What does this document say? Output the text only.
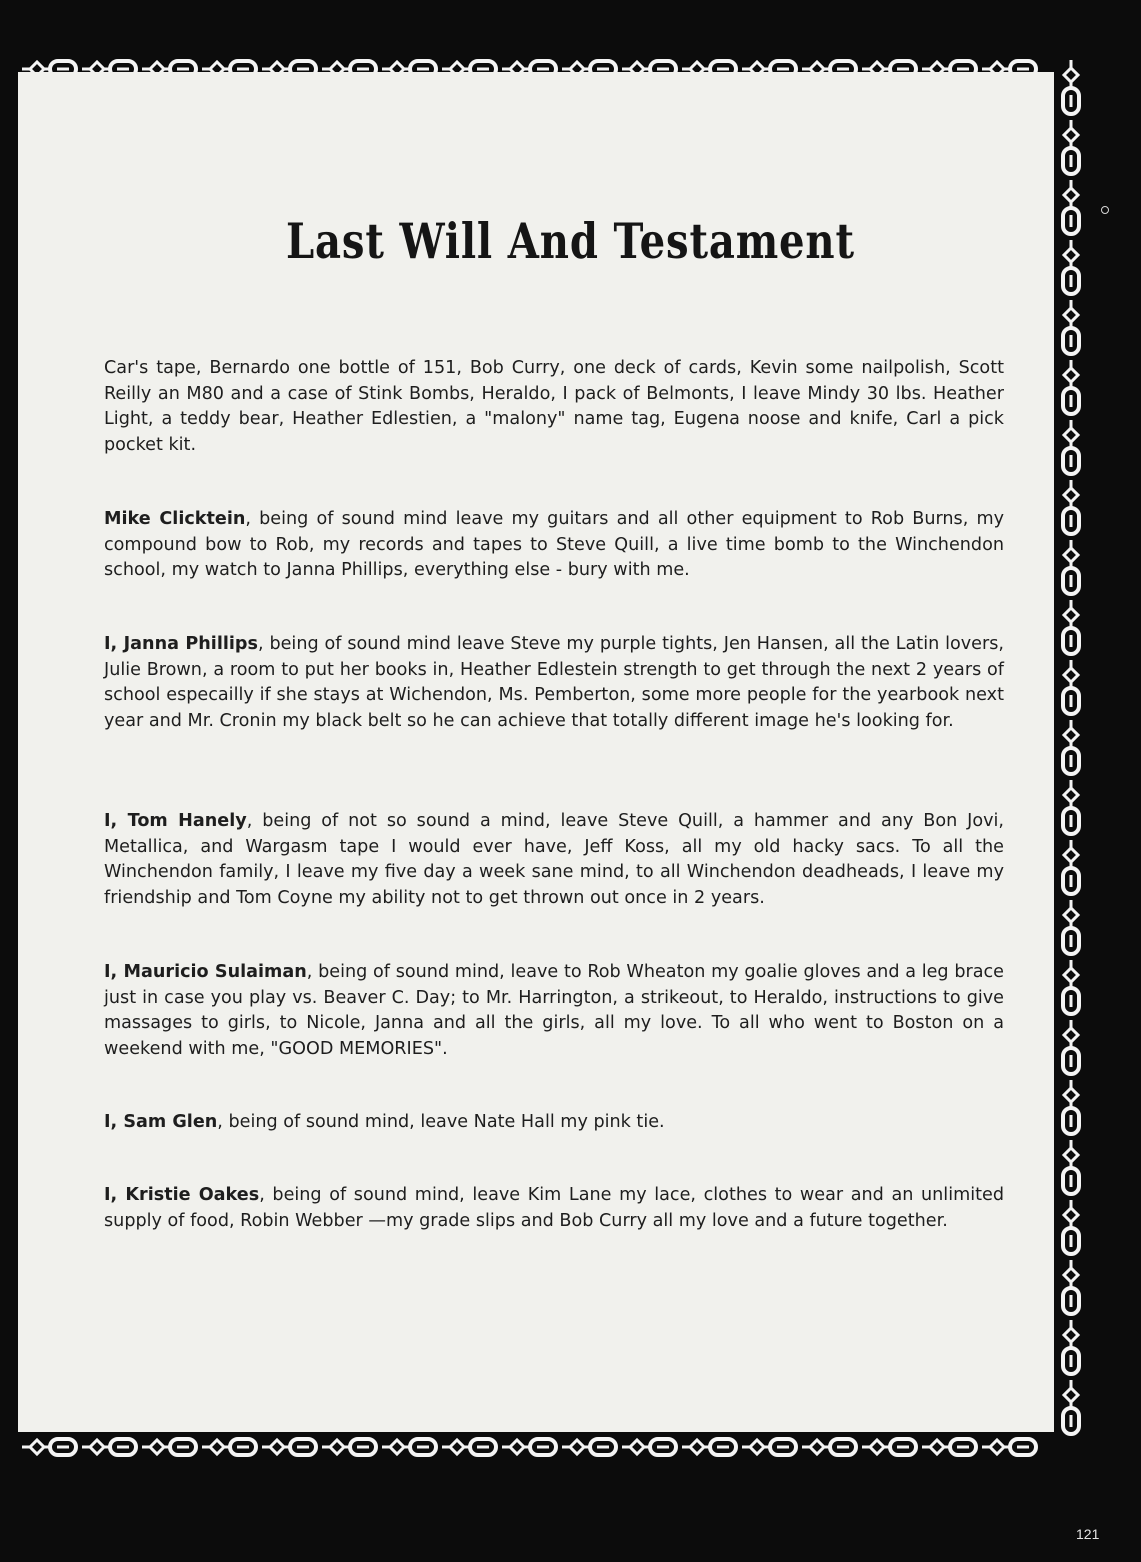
Last Will And Testament

Car's tape, Bernardo one bottle of 151, Bob Curry, one deck of cards, Kevin some nailpolish, Scott Reilly an M80 and a case of Stink Bombs, Heraldo, I pack of Belmonts, I leave Mindy 30 lbs. Heather Light, a teddy bear, Heather Edlestien, a "malony" name tag, Eugena noose and knife, Carl a pick pocket kit.

Mike Clicktein, being of sound mind leave my guitars and all other equipment to Rob Burns, my compound bow to Rob, my records and tapes to Steve Quill, a live time bomb to the Winchendon school, my watch to Janna Phillips, everything else - bury with me.

I, Janna Phillips, being of sound mind leave Steve my purple tights, Jen Hansen, all the Latin lovers, Julie Brown, a room to put her books in, Heather Edlestein strength to get through the next 2 years of school especailly if she stays at Wichendon, Ms. Pemberton, some more people for the yearbook next year and Mr. Cronin my black belt so he can achieve that totally different image he's looking for.

I, Tom Hanely, being of not so sound a mind, leave Steve Quill, a hammer and any Bon Jovi, Metallica, and Wargasm tape I would ever have, Jeff Koss, all my old hacky sacs. To all the Winchendon family, I leave my five day a week sane mind, to all Winchendon deadheads, I leave my friendship and Tom Coyne my ability not to get thrown out once in 2 years.

I, Mauricio Sulaiman, being of sound mind, leave to Rob Wheaton my goalie gloves and a leg brace just in case you play vs. Beaver C. Day; to Mr. Harrington, a strikeout, to Heraldo, instructions to give massages to girls, to Nicole, Janna and all the girls, all my love. To all who went to Boston on a weekend with me, "GOOD MEMORIES".

I, Sam Glen, being of sound mind, leave Nate Hall my pink tie.

I, Kristie Oakes, being of sound mind, leave Kim Lane my lace, clothes to wear and an unlimited supply of food, Robin Webber —my grade slips and Bob Curry all my love and a future together.

121
